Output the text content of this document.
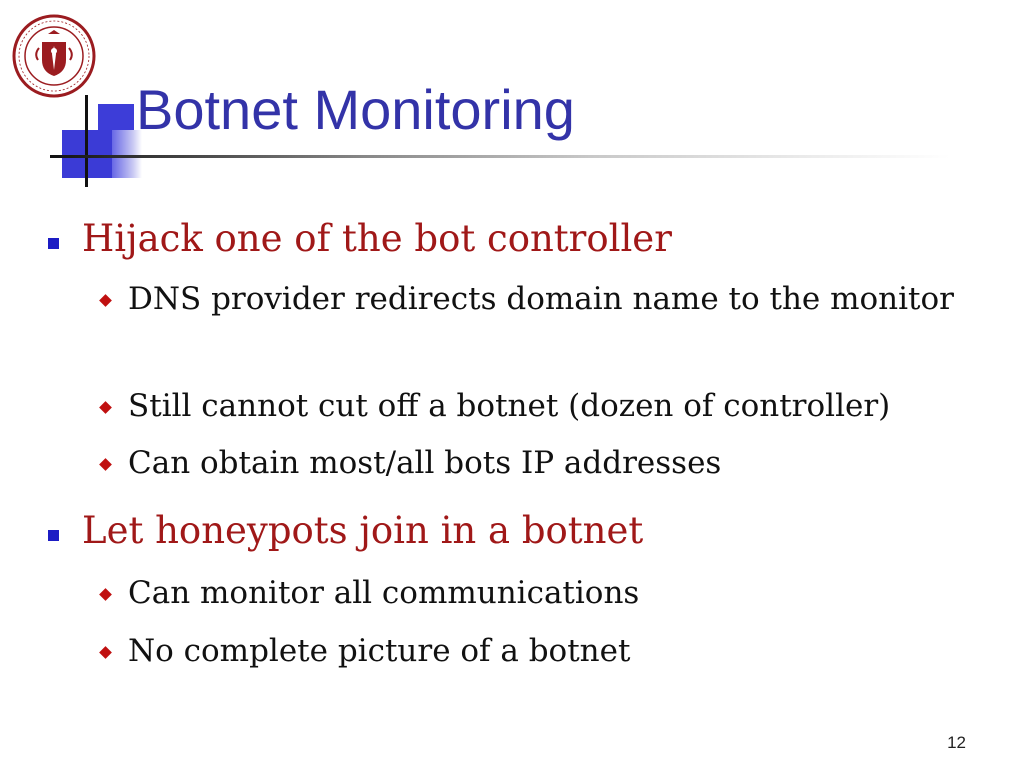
Botnet Monitoring
Hijack one of the bot controller
DNS provider redirects domain name to the monitor
Still cannot cut off a botnet (dozen of controller)
Can obtain most/all bots IP addresses
Let honeypots join in a botnet
Can monitor all communications
No complete picture of a botnet
12
